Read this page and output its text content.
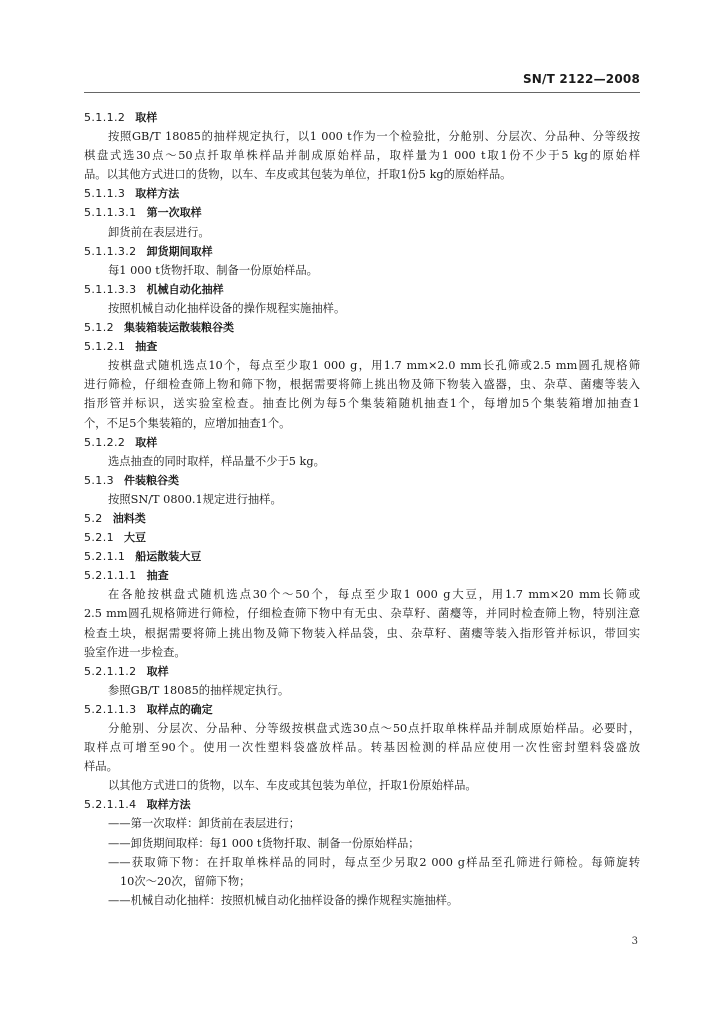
SN/T 2122—2008
5.1.1.2 取样
按照GB/T 18085的抽样规定执行，以1 000 t作为一个检验批，分舱别、分层次、分品种、分等级按
棋盘式选30点～50点扦取单株样品并制成原始样品，取样量为1 000 t取1份不少于5 kg的原始样
品。以其他方式进口的货物，以车、车皮或其包装为单位，扦取1份5 kg的原始样品。
5.1.1.3 取样方法
5.1.1.3.1 第一次取样
卸货前在表层进行。
5.1.1.3.2 卸货期间取样
每1 000 t货物扦取、制备一份原始样品。
5.1.1.3.3 机械自动化抽样
按照机械自动化抽样设备的操作规程实施抽样。
5.1.2 集装箱装运散装粮谷类
5.1.2.1 抽查
按棋盘式随机选点10个，每点至少取1 000 g，用1.7 mm×2.0 mm长孔筛或2.5 mm圆孔规格筛
进行筛检，仔细检查筛上物和筛下物，根据需要将筛上挑出物及筛下物装入盛器，虫、杂草、菌瘿等装入
指形管并标识，送实验室检查。抽查比例为每5个集装箱随机抽查1个，每增加5个集装箱增加抽查1
个，不足5个集装箱的，应增加抽查1个。
5.1.2.2 取样
选点抽查的同时取样，样品量不少于5 kg。
5.1.3 件装粮谷类
按照SN/T 0800.1规定进行抽样。
5.2 油料类
5.2.1 大豆
5.2.1.1 船运散装大豆
5.2.1.1.1 抽查
在各舱按棋盘式随机选点30个～50个，每点至少取1 000 g大豆，用1.7 mm×20 mm长筛或
2.5 mm圆孔规格筛进行筛检，仔细检查筛下物中有无虫、杂草籽、菌瘿等，并同时检查筛上物，特别注意
检查土块，根据需要将筛上挑出物及筛下物装入样品袋，虫、杂草籽、菌瘿等装入指形管并标识，带回实
验室作进一步检查。
5.2.1.1.2 取样
参照GB/T 18085的抽样规定执行。
5.2.1.1.3 取样点的确定
分舱别、分层次、分品种、分等级按棋盘式选30点～50点扦取单株样品并制成原始样品。必要时，
取样点可增至90个。使用一次性塑料袋盛放样品。转基因检测的样品应使用一次性密封塑料袋盛放
样品。
以其他方式进口的货物，以车、车皮或其包装为单位，扦取1份原始样品。
5.2.1.1.4 取样方法
——第一次取样：卸货前在表层进行；
——卸货期间取样：每1 000 t货物扦取、制备一份原始样品；
——获取筛下物：在扦取单株样品的同时，每点至少另取2 000 g样品至孔筛进行筛检。每筛旋转
10次～20次，留筛下物；
——机械自动化抽样：按照机械自动化抽样设备的操作规程实施抽样。
3
